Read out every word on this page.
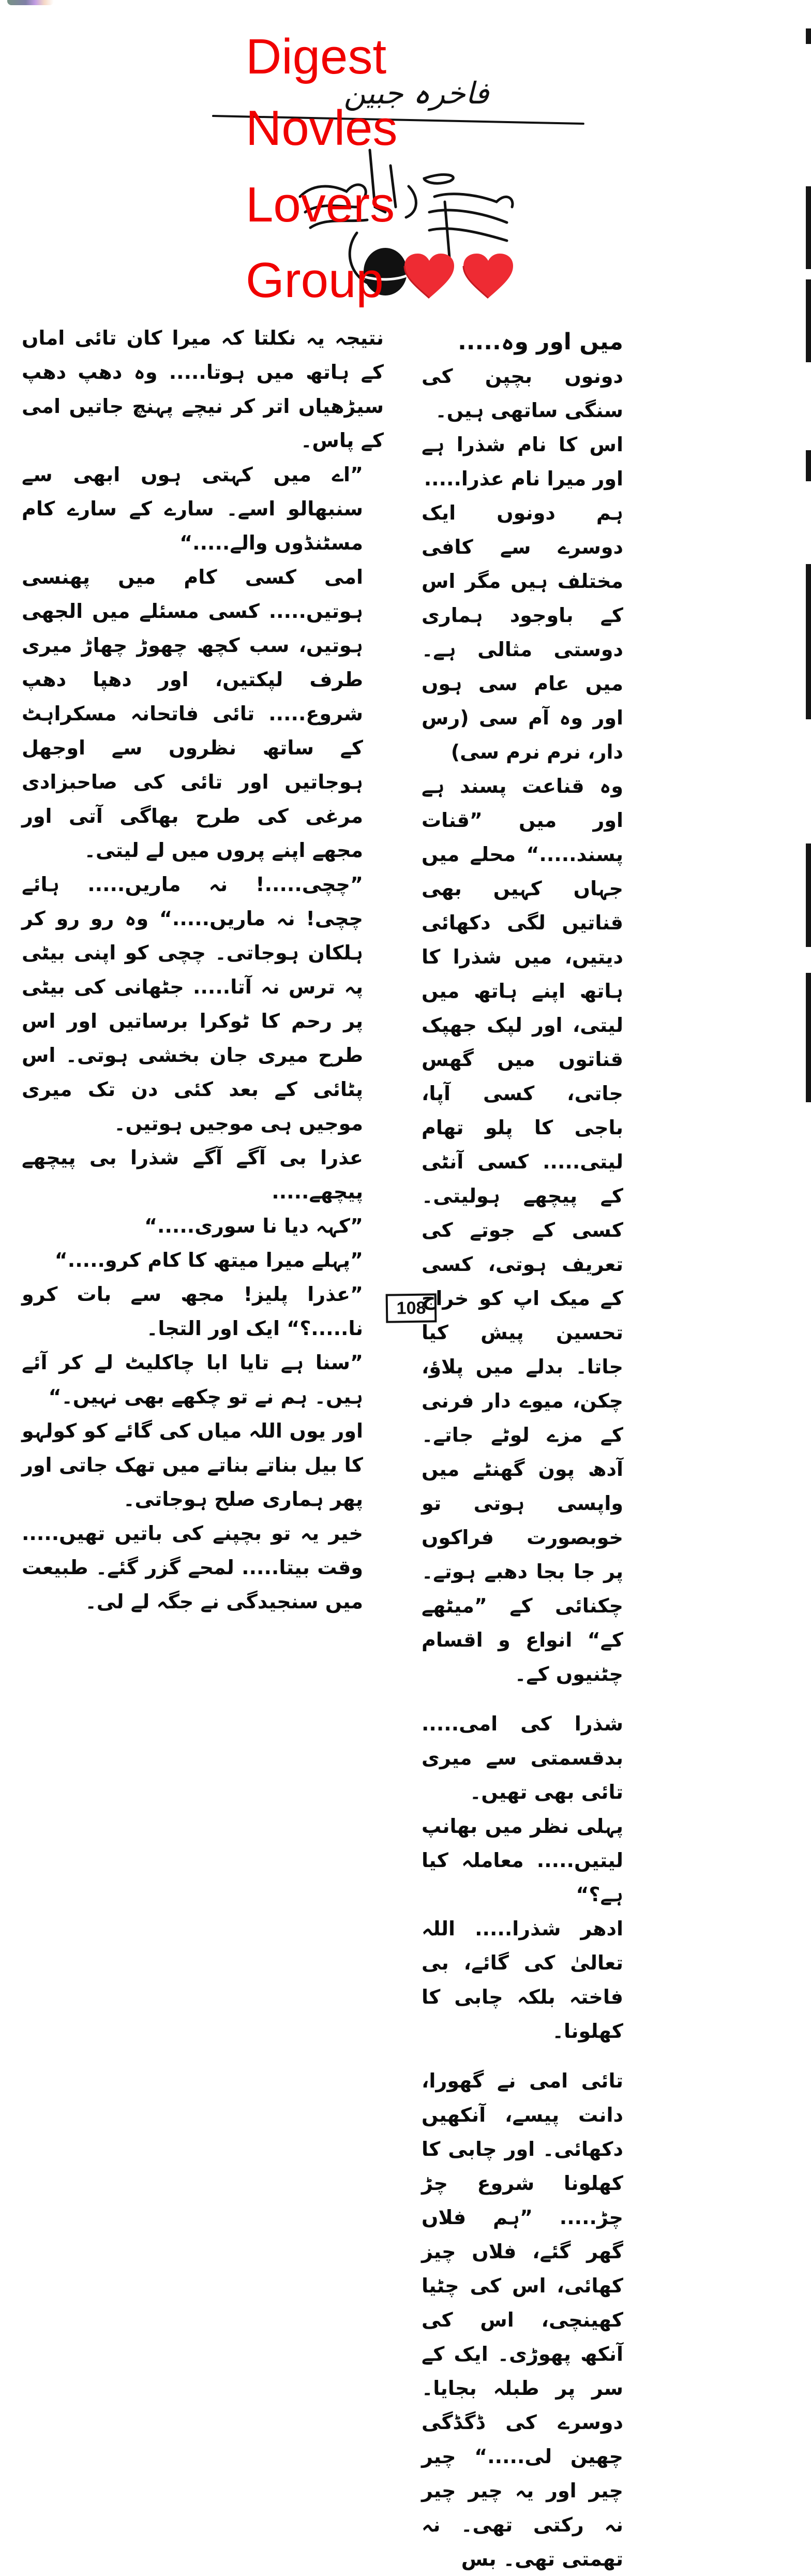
فاخرہ جبین
Digest
Novles
Lovers
Group

میں اور وہ.....

دونوں بچپن کی سنگی ساتھی ہیں۔

اس کا نام شذرا ہے اور میرا نام عذرا.....

ہم دونوں ایک دوسرے سے کافی مختلف ہیں مگر اس کے باوجود ہماری دوستی مثالی ہے۔ میں عام سی ہوں اور وہ آم سی (رس دار، نرم نرم سی)

وہ قناعت پسند ہے اور میں ”قنات پسند.....“ محلے میں جہاں کہیں بھی قناتیں لگی دکھائی دیتیں، میں شذرا کا ہاتھ اپنے ہاتھ میں لیتی، اور لپک جھپک قناتوں میں گھس جاتی، کسی آپا، باجی کا پلو تھام لیتی..... کسی آنٹی کے پیچھے ہولیتی۔ کسی کے جوتے کی تعریف ہوتی، کسی کے میک اپ کو خراج تحسین پیش کیا جاتا۔ بدلے میں پلاؤ، چکن، میوے دار فرنی کے مزے لوٹے جاتے۔ آدھ پون گھنٹے میں واپسی ہوتی تو خوبصورت فراکوں پر جا بجا دھبے ہوتے۔ چکنائی کے ”میٹھے کے“ انواع و اقسام چٹنیوں کے۔

شذرا کی امی..... بدقسمتی سے میری تائی بھی تھیں۔

پہلی نظر میں بھانپ لیتیں..... معاملہ کیا ہے؟“

ادھر شذرا..... اللہ تعالیٰ کی گائے، بی فاختہ بلکہ چابی کا کھلونا۔

تائی امی نے گھورا، دانت پیسے، آنکھیں دکھائی۔ اور چابی کا کھلونا شروع چڑ چڑ..... ”ہم فلاں گھر گئے، فلاں چیز کھائی، اس کی چٹیا کھینچی، اس کی آنکھ پھوڑی۔ ایک کے سر پر طبلہ بجایا۔ دوسرے کی ڈگڈگی چھین لی.....“ چیر چیر اور یہ چیر چیر نہ رکتی تھی۔ نہ تھمتی تھی۔ بس

نتیجہ یہ نکلتا کہ میرا کان تائی اماں کے ہاتھ میں ہوتا..... وہ دھپ دھپ سیڑھیاں اتر کر نیچے پہنچ جاتیں امی کے پاس۔

”اے میں کہتی ہوں ابھی سے سنبھالو اسے۔ سارے کے سارے کام مسٹنڈوں والے.....“

امی کسی کام میں پھنسی ہوتیں..... کسی مسئلے میں الجھی ہوتیں، سب کچھ چھوڑ چھاڑ میری طرف لپکتیں، اور دھپا دھپ شروع..... تائی فاتحانہ مسکراہٹ کے ساتھ نظروں سے اوجھل ہوجاتیں اور تائی کی صاحبزادی مرغی کی طرح بھاگی آتی اور مجھے اپنے پروں میں لے لیتی۔

”چچی.....! نہ ماریں..... ہائے چچی! نہ ماریں.....“ وہ رو رو کر ہلکان ہوجاتی۔ چچی کو اپنی بیٹی پہ ترس نہ آتا..... جٹھانی کی بیٹی پر رحم کا ٹوکرا برساتیں اور اس طرح میری جان بخشی ہوتی۔ اس پٹائی کے بعد کئی دن تک میری موجیں ہی موجیں ہوتیں۔

عذرا بی آگے آگے شذرا بی پیچھے پیچھے.....

”کہہ دیا نا سوری.....“

”پہلے میرا میتھ کا کام کرو.....“

”عذرا پلیز! مجھ سے بات کرو نا.....؟“ ایک اور التجا۔

”سنا ہے تایا ابا چاکلیٹ لے کر آئے ہیں۔ ہم نے تو چکھے بھی نہیں۔“

اور یوں اللہ میاں کی گائے کو کولہو کا بیل بناتے بناتے میں تھک جاتی اور پھر ہماری صلح ہوجاتی۔

خیر یہ تو بچپنے کی باتیں تھیں..... وقت بیتا..... لمحے گزر گئے۔ طبیعت میں سنجیدگی نے جگہ لے لی۔

108
